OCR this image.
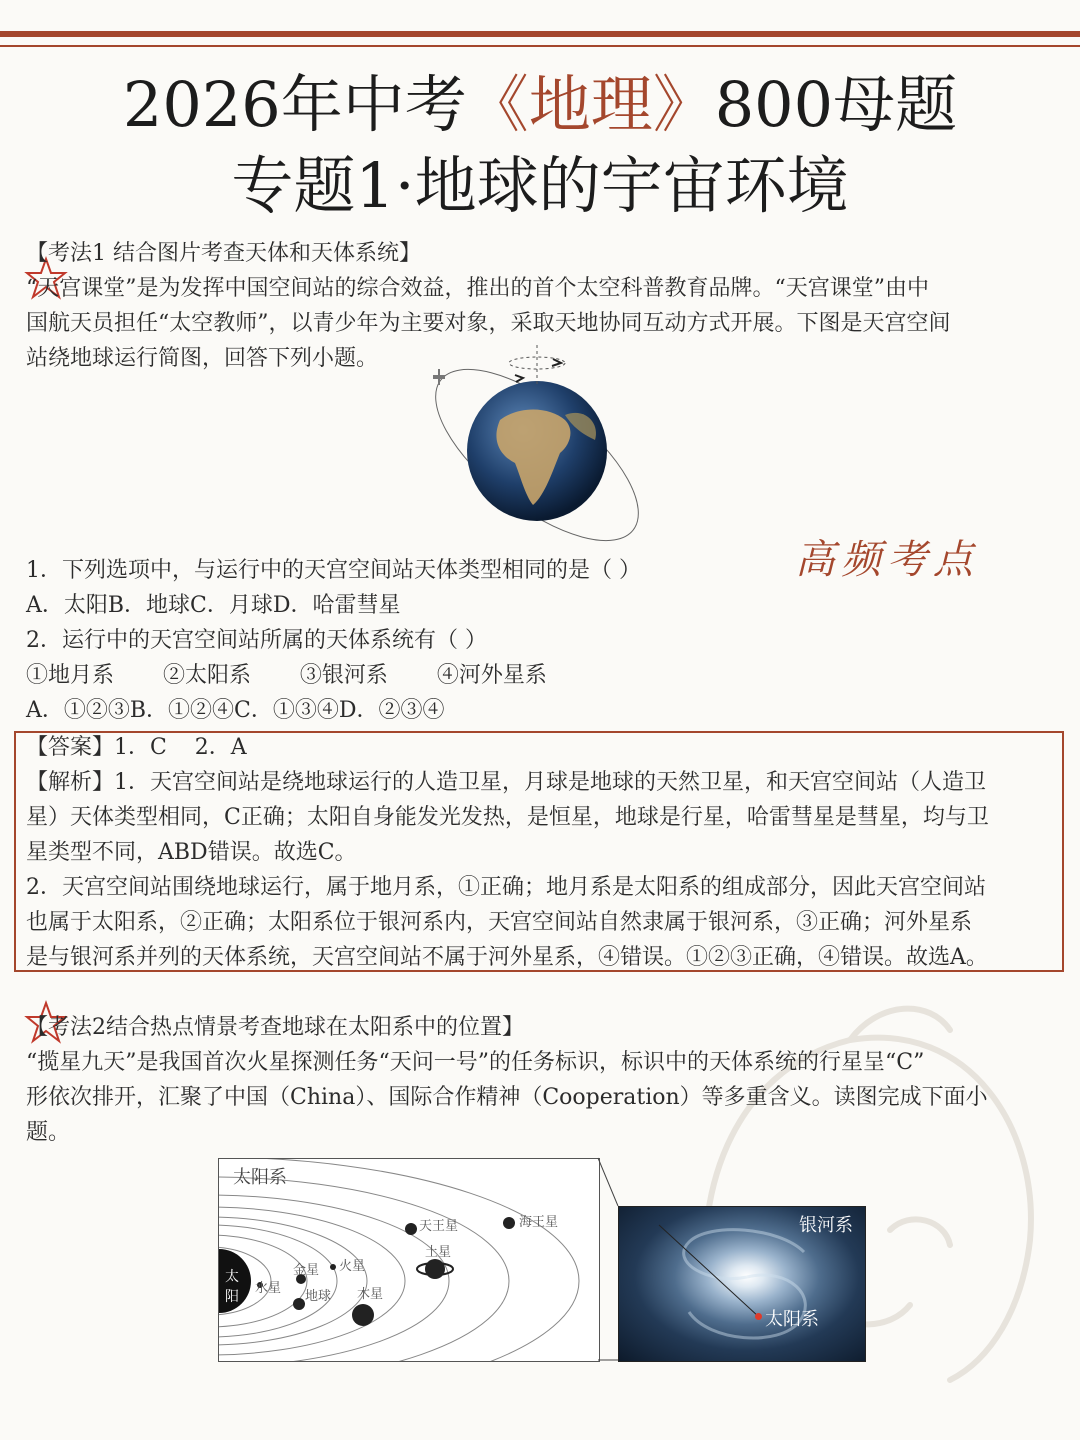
2026年中考《地理》800母题
专题1·地球的宇宙环境
【考法1 结合图片考查天体和天体系统】
“天宫课堂”是为发挥中国空间站的综合效益，推出的首个太空科普教育品牌。“天宫课堂”由中
国航天员担任“太空教师”，以青少年为主要对象，采取天地协同互动方式开展。下图是天宫空间
站绕地球运行简图，回答下列小题。
高频考点
1．下列选项中，与运行中的天宫空间站天体类型相同的是（ ）
A．太阳B．地球C．月球D．哈雷彗星
2．运行中的天宫空间站所属的天体系统有（ ）
①地月系       ②太阳系       ③银河系       ④河外星系
A．①②③B．①②④C．①③④D．②③④
【答案】1．C    2．A
【解析】1．天宫空间站是绕地球运行的人造卫星，月球是地球的天然卫星，和天宫空间站（人造卫
星）天体类型相同，C正确；太阳自身能发光发热，是恒星，地球是行星，哈雷彗星是彗星，均与卫
星类型不同，ABD错误。故选C。
2．天宫空间站围绕地球运行，属于地月系，①正确；地月系是太阳系的组成部分，因此天宫空间站
也属于太阳系，②正确；太阳系位于银河系内，天宫空间站自然隶属于银河系，③正确；河外星系
是与银河系并列的天体系统，天宫空间站不属于河外星系，④错误。①②③正确，④错误。故选A。
【考法2结合热点情景考查地球在太阳系中的位置】
“揽星九天”是我国首次火星探测任务“天问一号”的任务标识，标识中的天体系统的行星呈“C”
形依次排开，汇聚了中国（China）、国际合作精神（Cooperation）等多重含义。读图完成下面小
题。
太阳系
太阳
水星
金星
地球
火星
木星
土星
天王星	海王星	银河系
太阳系
